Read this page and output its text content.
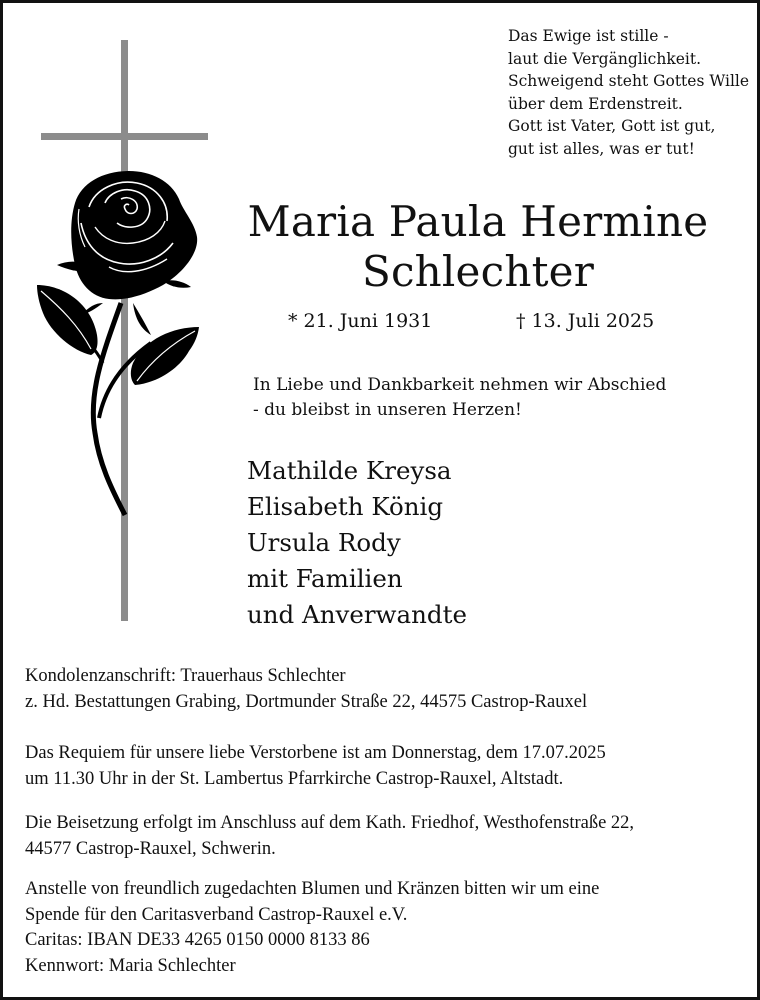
Das Ewige ist stille -
laut die Vergänglichkeit.
Schweigend steht Gottes Wille
über dem Erdenstreit.
Gott ist Vater, Gott ist gut,
gut ist alles, was er tut!
Maria Paula Hermine
Schlechter
* 21. Juni 1931	† 13. Juli 2025
In Liebe und Dankbarkeit nehmen wir Abschied
- du bleibst in unseren Herzen!
Mathilde Kreysa
Elisabeth König
Ursula Rody
mit Familien
und Anverwandte
Kondolenzanschrift: Trauerhaus Schlechter
z. Hd. Bestattungen Grabing, Dortmunder Straße 22, 44575 Castrop-Rauxel
Das Requiem für unsere liebe Verstorbene ist am Donnerstag, dem 17.07.2025
um 11.30 Uhr in der St. Lambertus Pfarrkirche Castrop-Rauxel, Altstadt.
Die Beisetzung erfolgt im Anschluss auf dem Kath. Friedhof, Westhofenstraße 22,
44577 Castrop-Rauxel, Schwerin.
Anstelle von freundlich zugedachten Blumen und Kränzen bitten wir um eine
Spende für den Caritasverband Castrop-Rauxel e.V.
Caritas: IBAN DE33 4265 0150 0000 8133 86
Kennwort: Maria Schlechter
